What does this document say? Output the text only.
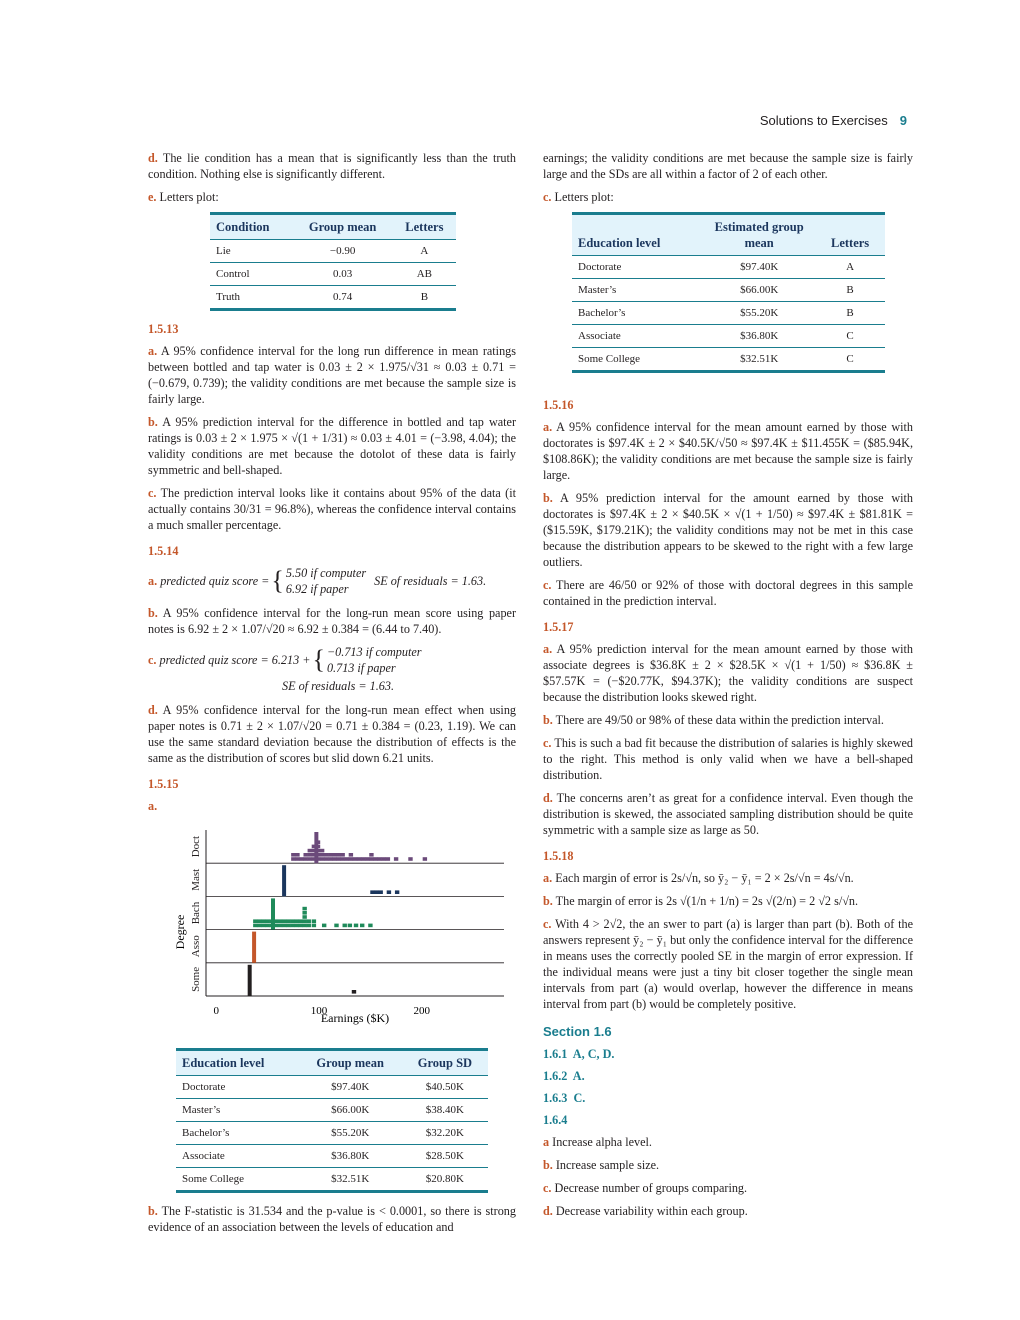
Solutions to Exercises 9

d. The lie condition has a mean that is significantly less than the truth condition. Nothing else is significantly different.

e. Letters plot:

Condition	Group mean	Letters
Lie	−0.90	A
Control	0.03	AB
Truth	0.74	B
1.5.13

a. A 95% confidence interval for the long run difference in mean ratings between bottled and tap water is 0.03 ± 2 × 1.975/√31 ≈ 0.03 ± 0.71 = (−0.679, 0.739); the validity conditions are met because the sample size is fairly large.

b. A 95% prediction interval for the difference in bottled and tap water ratings is 0.03 ± 2 × 1.975 × √(1 + 1/31) ≈ 0.03 ± 4.01 = (−3.98, 4.04); the validity conditions are met because the dotolot of these data is fairly symmetric and bell-shaped.

c. The prediction interval looks like it contains about 95% of the data (it actually contains 30/31 = 96.8%), whereas the confidence interval contains a much smaller percentage.

1.5.14
a.
predicted quiz score = { 5.50 if computer
6.92 if paper
SE of residuals = 1.63.

b. A 95% confidence interval for the long-run mean score using paper notes is 6.92 ± 2 × 1.07/√20 ≈ 6.92 ± 0.384 = (6.44 to 7.40).

c.
predicted quiz score = 6.213 + { −0.713 if computer
0.713 if paper
SE of residuals = 1.63.

d. A 95% confidence interval for the long-run mean effect when using paper notes is 0.71 ± 2 × 1.07/√20 = 0.71 ± 0.384 = (0.23, 1.19). We can use the same standard deviation because the distribution of effects is the same as the distribution of scores but slid down 6.21 units.

1.5.15
a.
Some
Asso
Bach
Mast
Doct
0	100	200
Earnings ($K)
Degree
Education level	Group mean	Group SD
Doctorate	$97.40K	$40.50K
Master’s	$66.00K	$38.40K
Bachelor’s	$55.20K	$32.20K
Associate	$36.80K	$28.50K
Some College	$32.51K	$20.80K

b. The F-statistic is 31.534 and the p-value is < 0.0001, so there is strong evidence of an association between the levels of education and

earnings; the validity conditions are met because the sample size is fairly large and the SDs are all within a factor of 2 of each other.

c. Letters plot:

Education level	Estimated group mean	Letters
Doctorate	$97.40K	A
Master’s	$66.00K	B
Bachelor’s	$55.20K	B
Associate	$36.80K	C
Some College	$32.51K	C
1.5.16

a. A 95% confidence interval for the mean amount earned by those with doctorates is $97.4K ± 2 × $40.5K/√50 ≈ $97.4K ± $11.455K = ($85.94K, $108.86K); the validity conditions are met because the sample size is fairly large.

b. A 95% prediction interval for the amount earned by those with doctorates is $97.4K ± 2 × $40.5K × √(1 + 1/50) ≈ $97.4K ± $81.81K = ($15.59K, $179.21K); the validity conditions may not be met in this case because the distribution appears to be skewed to the right with a few large outliers.

c. There are 46/50 or 92% of those with doctoral degrees in this sample contained in the prediction interval.

1.5.17

a. A 95% prediction interval for the mean amount earned by those with associate degrees is $36.8K ± 2 × $28.5K × √(1 + 1/50) ≈ $36.8K ± $57.57K = (−$20.77K, $94.37K); the validity conditions are suspect because the distribution looks skewed right.

b. There are 49/50 or 98% of these data within the prediction interval.

c. This is such a bad fit because the distribution of salaries is highly skewed to the right. This method is only valid when we have a bell-shaped distribution.

d. The concerns aren’t as great for a confidence interval. Even though the distribution is skewed, the associated sampling distribution should be quite symmetric with a sample size as large as 50.

1.5.18

a. Each margin of error is 2s/√n, so ȳ₂ − ȳ₁ = 2 × 2s/√n = 4s/√n.

b. The margin of error is 2s √(1/n + 1/n) = 2s √(2/n) = 2 √2 s/√n.

c. With 4 > 2√2, the an swer to part (a) is larger than part (b). Both of the answers represent ȳ₂ − ȳ₁ but only the confidence interval for the difference in means uses the correctly pooled SE in the margin of error expression. If the individual means were just a tiny bit closer together the single mean intervals from part (a) would overlap, however the difference in means interval from part (b) would be completely positive.

Section 1.6
1.6.1 A, C, D.
1.6.2 A.
1.6.3 C.
1.6.4

a Increase alpha level.

b. Increase sample size.

c. Decrease number of groups comparing.

d. Decrease variability within each group.
